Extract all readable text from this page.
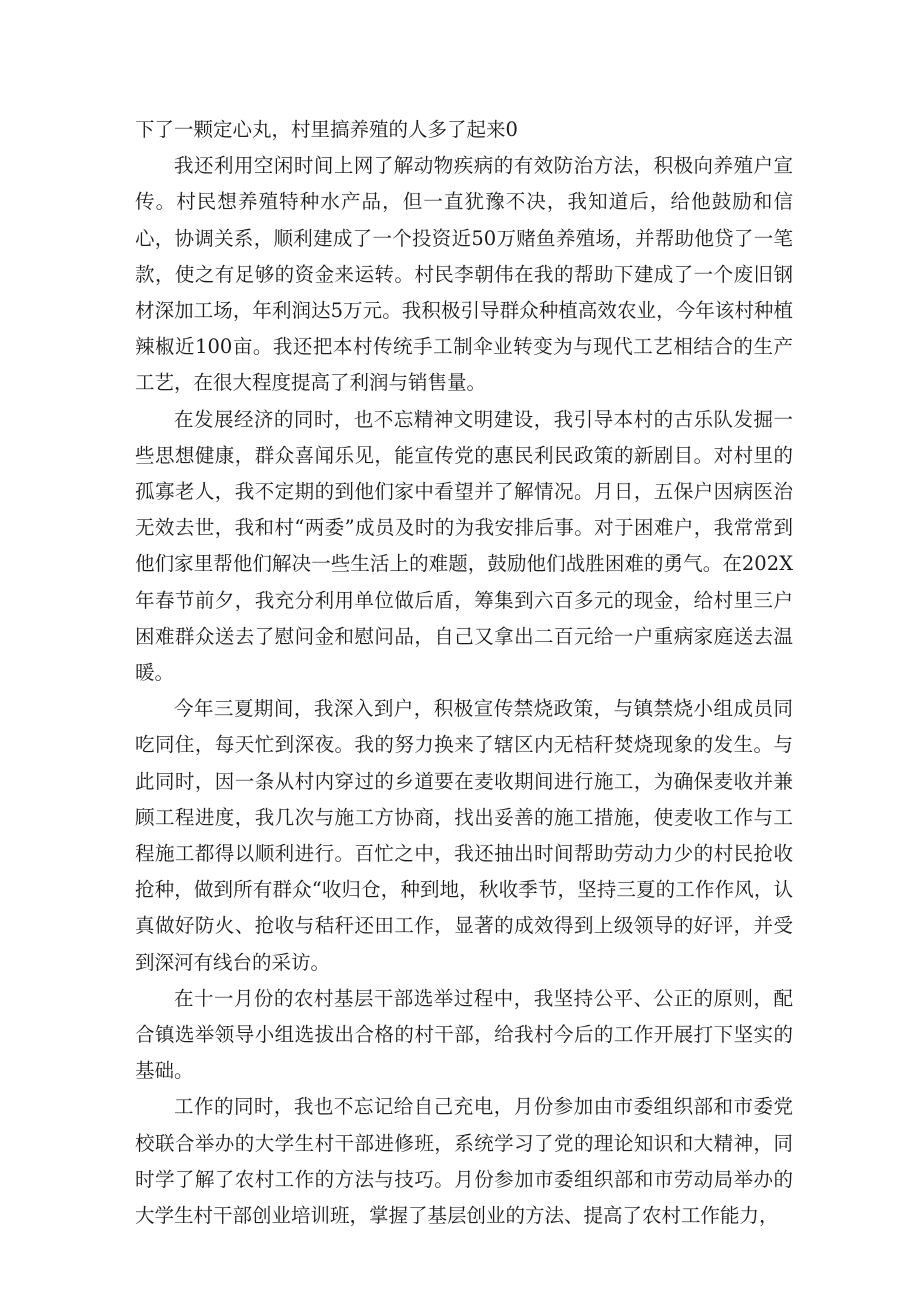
下了一颗定心丸，村里搞养殖的人多了起来0

我还利用空闲时间上网了解动物疾病的有效防治方法，积极向养殖户宣传。村民想养殖特种水产品，但一直犹豫不决，我知道后，给他鼓励和信心，协调关系，顺利建成了一个投资近50万赌鱼养殖场，并帮助他贷了一笔款，使之有足够的资金来运转。村民李朝伟在我的帮助下建成了一个废旧钢材深加工场，年利润达5万元。我积极引导群众种植高效农业，今年该村种植辣椒近100亩。我还把本村传统手工制伞业转变为与现代工艺相结合的生产工艺，在很大程度提高了利润与销售量。

在发展经济的同时，也不忘精神文明建设，我引导本村的古乐队发掘一些思想健康，群众喜闻乐见，能宣传党的惠民利民政策的新剧目。对村里的孤寡老人，我不定期的到他们家中看望并了解情况。月日，五保户因病医治无效去世，我和村“两委”成员及时的为我安排后事。对于困难户，我常常到他们家里帮他们解决一些生活上的难题，鼓励他们战胜困难的勇气。在202X年春节前夕，我充分利用单位做后盾，筹集到六百多元的现金，给村里三户困难群众送去了慰问金和慰问品，自己又拿出二百元给一户重病家庭送去温暖。

今年三夏期间，我深入到户，积极宣传禁烧政策，与镇禁烧小组成员同吃同住，每天忙到深夜。我的努力换来了辖区内无桔秆焚烧现象的发生。与此同时，因一条从村内穿过的乡道要在麦收期间进行施工，为确保麦收并兼顾工程进度，我几次与施工方协商，找出妥善的施工措施，使麦收工作与工程施工都得以顺利进行。百忙之中，我还抽出时间帮助劳动力少的村民抢收抢种，做到所有群众“收归仓，种到地，秋收季节，坚持三夏的工作作风，认真做好防火、抢收与秸秆还田工作，显著的成效得到上级领导的好评，并受到深河有线台的采访。

在十一月份的农村基层干部选举过程中，我坚持公平、公正的原则，配合镇选举领导小组选拔出合格的村干部，给我村今后的工作开展打下坚实的基础。

工作的同时，我也不忘记给自己充电，月份参加由市委组织部和市委党校联合举办的大学生村干部进修班，系统学习了党的理论知识和大精神，同时学了解了农村工作的方法与技巧。月份参加市委组织部和市劳动局举办的大学生村干部创业培训班，掌握了基层创业的方法、提高了农村工作能力，
